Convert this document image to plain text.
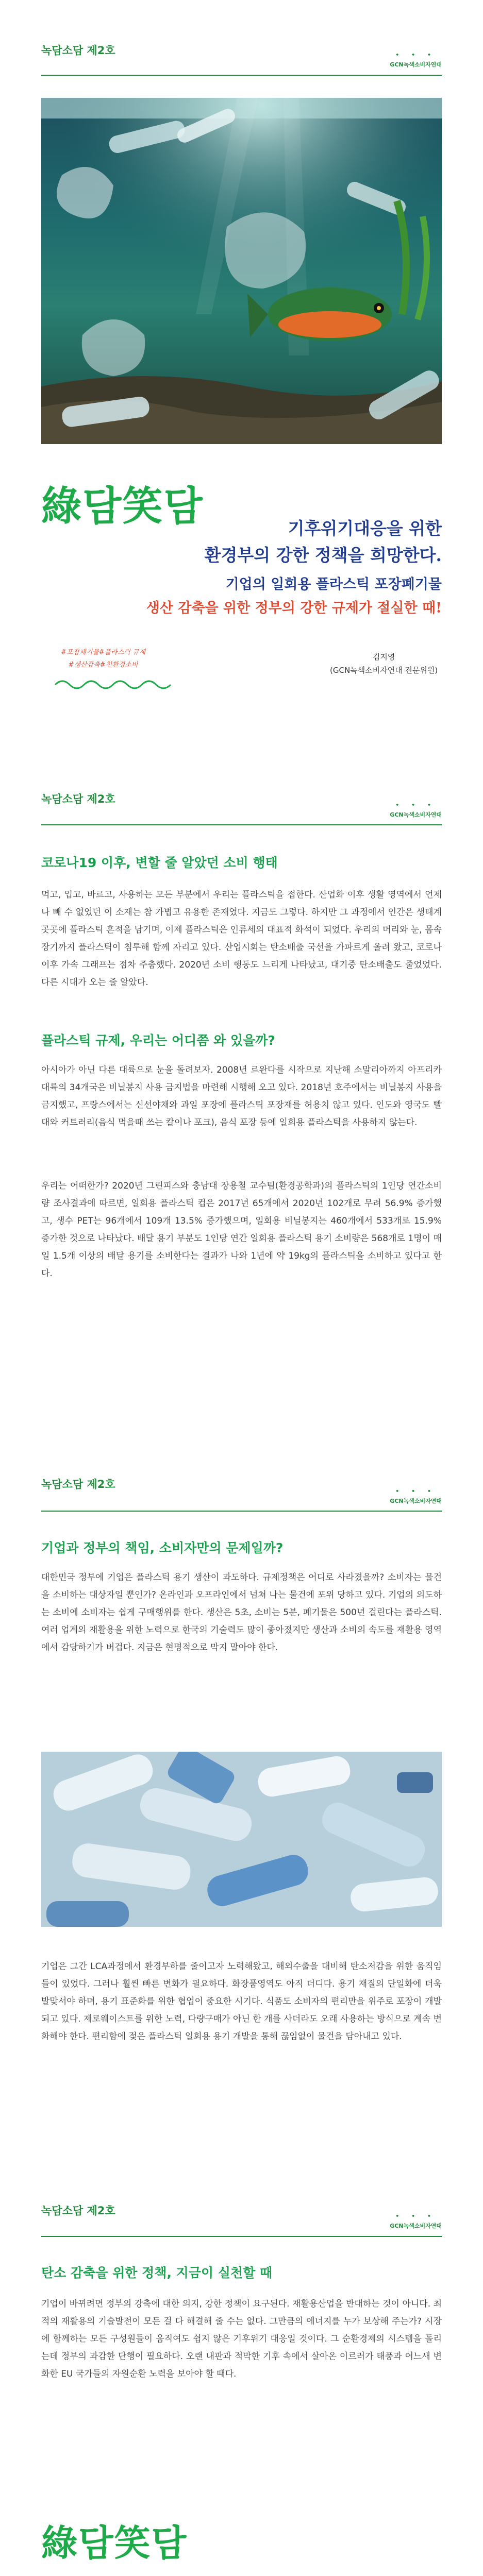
녹담소담 제2호	• • •
GCN녹색소비자연대
綠담笑담	기후위기대응을 위한
환경부의 강한 정책을 희망한다.
기업의 일회용 플라스틱 포장폐기물
생산 감축을 위한 정부의 강한 규제가 절실한 때!
#포장폐기물#플라스틱 규제
#생산감축#친환경소비
김지영
(GCN녹색소비자연대 전문위원)
녹담소담 제2호	• • •
GCN녹색소비자연대
코로나19 이후, 변할 줄 알았던 소비 행태
먹고, 입고, 바르고, 사용하는 모든 부분에서 우리는 플라스틱을 접한다. 산업화 이후 생활 영역에서 언제나 빼 수 없었던 이 소재는 참 가볍고 유용한 존재였다. 지금도 그렇다. 하지만 그 과정에서 인간은 생태계 곳곳에 플라스틱 흔적을 남기며, 이제 플라스틱은 인류세의 대표적 화석이 되었다. 우리의 머리와 눈, 몸속 장기까지 플라스틱이 침투해 함께 자리고 있다. 산업시회는 탄소배출 국선을 가파르게 올려 왔고, 코로나 이후 가속 그래프는 점차 주춤했다. 2020년 소비 행동도 느리게 나타났고, 대기중 탄소배출도 줄었었다. 다른 시대가 오는 줄 알았다.
플라스틱 규제, 우리는 어디쯤 와 있을까?
아시아가 아닌 다른 대륙으로 눈을 돌려보자. 2008년 르완다를 시작으로 지난해 소말리아까지 아프리카대륙의 34개국은 비닐봉지 사용 금지법을 마련해 시행해 오고 있다. 2018년 호주에서는 비닐봉지 사용을 금지했고, 프랑스에서는 신선야채와 과일 포장에 플라스틱 포장재를 허용치 않고 있다. 인도와 영국도 빨대와 커트러리(음식 먹을때 쓰는 칼이나 포크), 음식 포장 등에 일회용 플라스틱을 사용하지 않는다.
우리는 어떠한가? 2020년 그린피스와 충남대 장용철 교수팀(환경공학과)의 플라스틱의 1인당 연간소비량 조사결과에 따르면, 일회용 플라스틱 컵은 2017년 65개에서 2020년 102개로 무려 56.9% 증가했고, 생수 PET는 96개에서 109개 13.5% 증가했으며, 일회용 비닐봉지는 460개에서 533개로 15.9% 증가한 것으로 나타났다. 배달 용기 부분도 1인당 연간 일회용 플라스틱 용기 소비량은 568개로 1명이 매일 1.5개 이상의 배달 용기를 소비한다는 결과가 나와 1년에 약 19kg의 플라스틱을 소비하고 있다고 한다.
녹담소담 제2호
• • •
GCN녹색소비자연대
기업과 정부의 책임, 소비자만의 문제일까?
대한민국 정부에 기업은 플라스틱 용기 생산이 과도하다. 규제정책은 어디로 사라졌을까? 소비자는 물건을 소비하는 대상자일 뿐인가? 온라인과 오프라인에서 넘쳐 나는 물건에 포위 당하고 있다. 기업의 의도하는 소비에 소비자는 쉽게 구매행위를 한다. 생산은 5초, 소비는 5분, 폐기물은 500년 걸린다는 플라스틱. 여러 업계의 재활용을 위한 노력으로 한국의 기술력도 많이 좋아졌지만 생산과 소비의 속도를 재활용 영역에서 감당하기가 버겁다. 지금은 현명적으로 막지 말아야 한다.
기업은 그간 LCA과정에서 환경부하를 줄이고자 노력해왔고, 해외수출을 대비해 탄소저감을 위한 움직임들이 있었다. 그러나 훨씬 빠른 변화가 필요하다. 화장품영역도 아직 더디다. 용기 재질의 단일화에 더욱 발맞서야 하며, 용기 표준화를 위한 협업이 중요한 시기다. 식품도 소비자의 편리만을 위주로 포장이 개발되고 있다. 제로웨이스트를 위한 노력, 다량구매가 아닌 한 개를 사더라도 오래 사용하는 방식으로 계속 변화해야 한다. 편리함에 젖은 플라스틱 일회용 용기 개발을 통해 끊임없이 물건을 담아내고 있다.
녹담소담 제2호	• • •
GCN녹색소비자연대
탄소 감축을 위한 정책, 지금이 실천할 때
기업이 바뀌려면 정부의 강축에 대한 의지, 강한 정책이 요구된다. 재활용산업을 반대하는 것이 아니다. 최적의 재활용의 기술발전이 모든 걸 다 해결해 줄 수는 없다. 그만큼의 에너지를 누가 보상해 주는가? 시장에 함께하는 모든 구성원들이 움직여도 쉽지 않은 기후위기 대응일 것이다. 그 순환경제의 시스템을 돌리는데 정부의 과감한 단행이 필요하다. 오랜 내판과 적막한 기후 속에서 살아온 이르러가 태풍과 어느새 변화한 EU 국가들의 자원순환 노력을 보아야 할 때다.
綠담笑담
